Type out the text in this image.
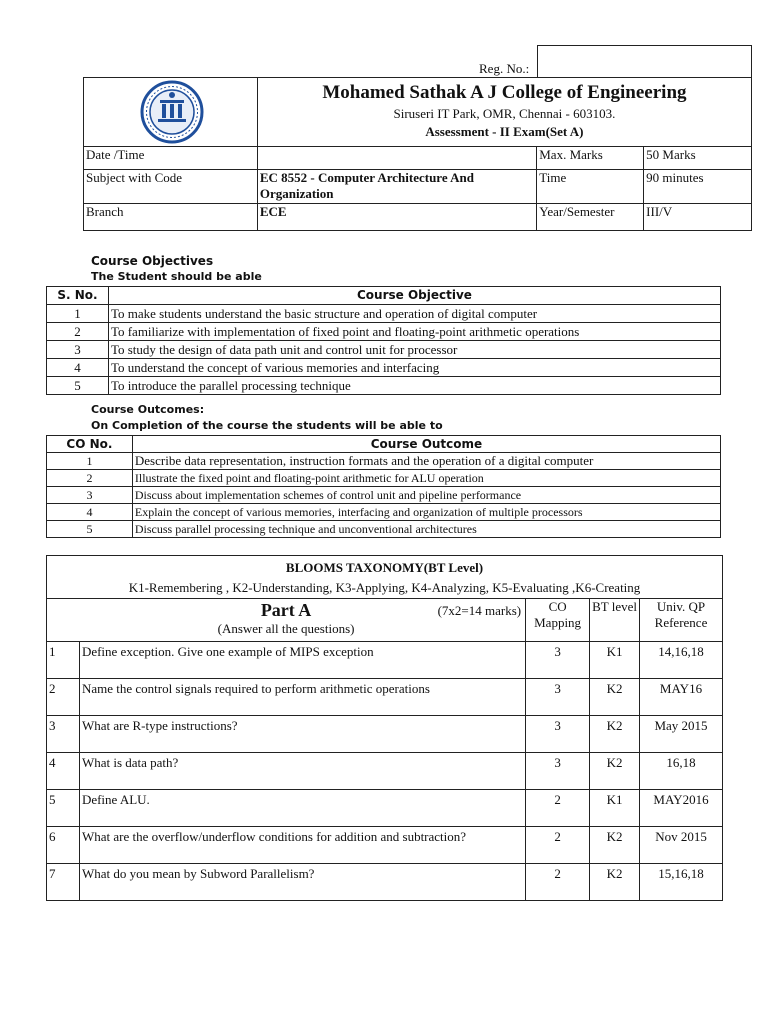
Reg. No.:

Mohamed Sathak A J College of Engineering
Siruseri IT Park, OMR, Chennai - 603103.
Assessment - II Exam(Set A)		

Date /Time		Max. Marks	50 Marks
Subject with Code	EC 8552 - Computer Architecture And Organization	Time	90 minutes
Branch	ECE	Year/Semester	III/V
Course Objectives
The Student should be able
S. No.	Course Objective
1	To make students understand the basic structure and operation of digital computer
2	To familiarize with implementation of fixed point and floating-point arithmetic operations
3	To study the design of data path unit and control unit for processor
4	To understand the concept of various memories and interfacing
5	To introduce the parallel processing technique
Course Outcomes:
On Completion of the course the students will be able to
CO No.	Course Outcome
1	Describe data representation, instruction formats and the operation of a digital computer
2	Illustrate the fixed point and floating-point arithmetic for ALU operation
3	Discuss about implementation schemes of control unit and pipeline performance
4	Explain the concept of various memories, interfacing and organization of multiple processors
5	Discuss parallel processing technique and unconventional architectures
BLOOMS TAXONOMY(BT Level)
K1-Remembering , K2-Understanding, K3-Applying, K4-Analyzing, K5-Evaluating ,K6-Creating				

Part A (7x2=14 marks)
(Answer all the questions)		CO Mapping	BT level	Univ. QP Reference
1	Define exception. Give one example of MIPS exception	3	K1	14,16,18
2	Name the control signals required to perform arithmetic operations	3	K2	MAY16
3	What are R-type instructions?	3	K2	May 2015
4	What is data path?	3	K2	16,18
5	Define ALU.	2	K1	MAY2016
6	What are the overflow/underflow conditions for addition and subtraction?	2	K2	Nov 2015
7	What do you mean by Subword Parallelism?	2	K2	15,16,18
